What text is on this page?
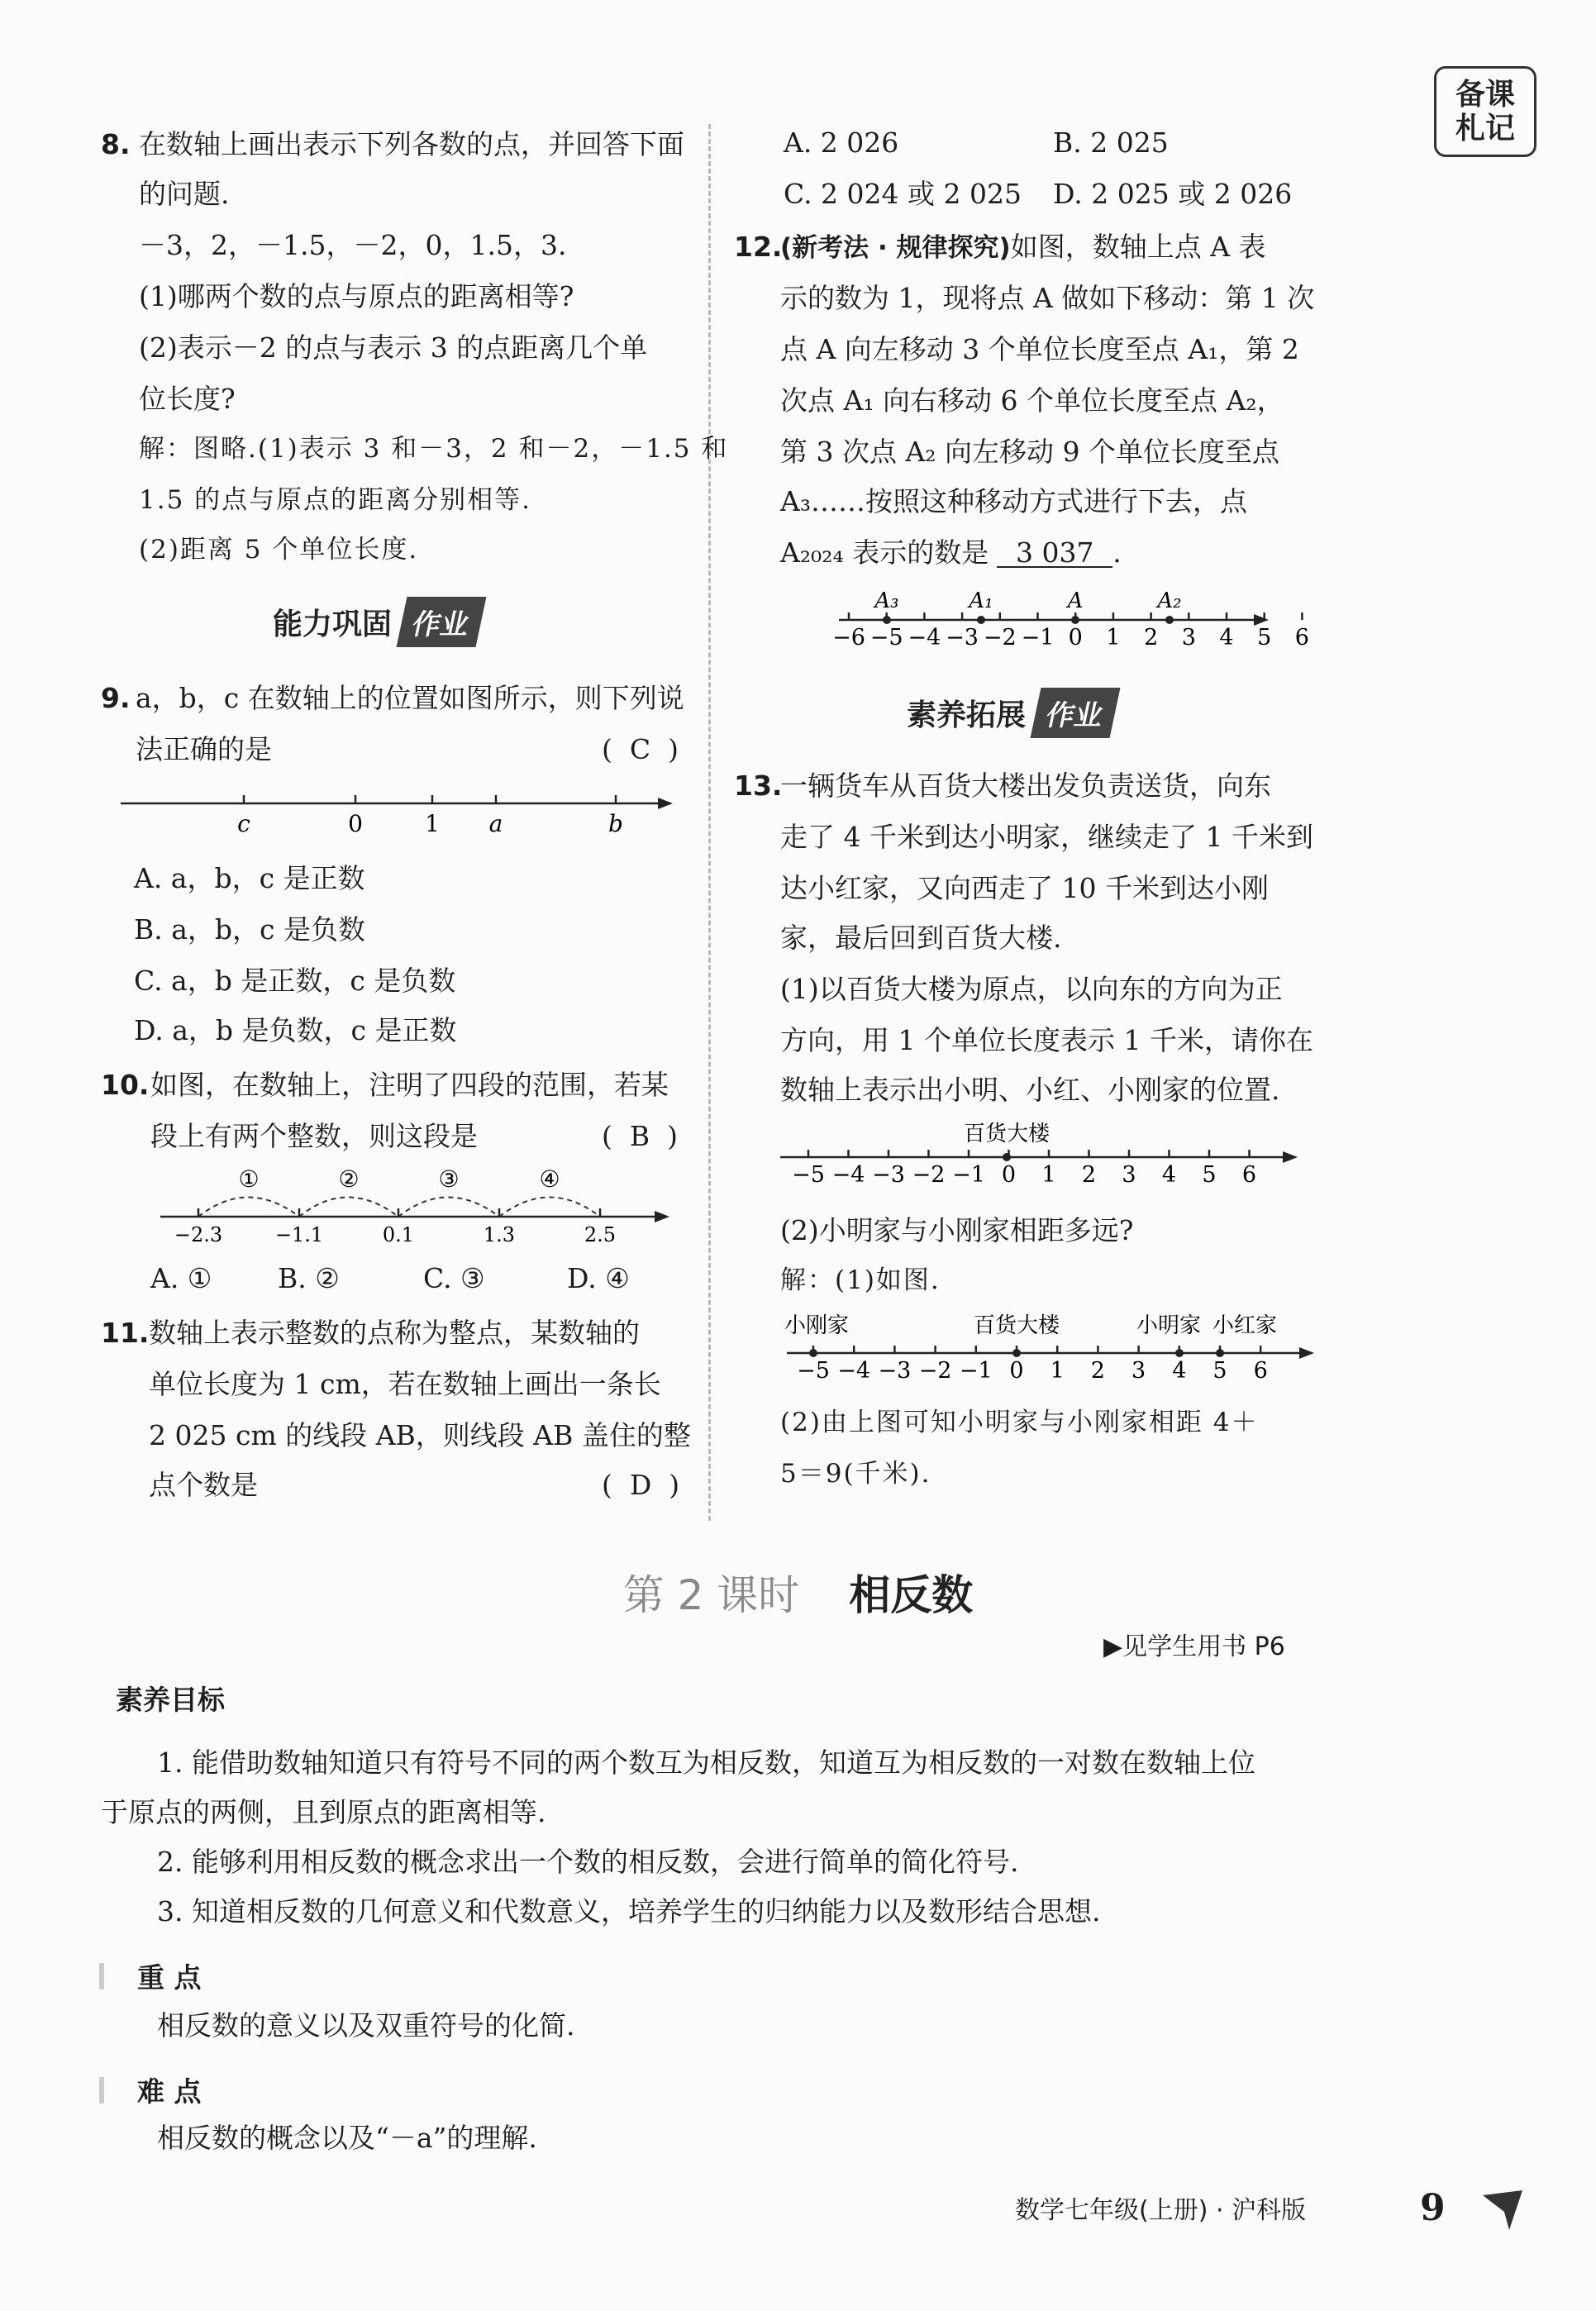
备课
札记
8. 在数轴上画出表示下列各数的点，并回答下面
的问题.
－3，2，－1.5，－2，0，1.5，3.
(1)哪两个数的点与原点的距离相等?
(2)表示－2 的点与表示 3 的点距离几个单
位长度?
解：图略.(1)表示 3 和－3，2 和－2，－1.5 和
1.5 的点与原点的距离分别相等.
(2)距离 5 个单位长度.
能力巩固 作业
9. a，b，c 在数轴上的位置如图所示，则下列说
法正确的是	(  C  )
c	0	1 a	b
A. a，b，c 是正数
B. a，b，c 是负数
C. a，b 是正数，c 是负数
D. a，b 是负数，c 是正数
10. 如图，在数轴上，注明了四段的范围，若某
段上有两个整数，则这段是	(  B  )
①	②	③	④
−2.3	−1.1	0.1	1.3	2.5
A. ① B. ②	C. ③	D. ④
11. 数轴上表示整数的点称为整点，某数轴的
单位长度为 1 cm，若在数轴上画出一条长
2 025 cm 的线段 AB，则线段 AB 盖住的整
点个数是	(  D  )
A. 2 026	B. 2 025
C. 2 024 或 2 025 D. 2 025 或 2 026
12.
(新考法 · 规律探究)如图，数轴上点 A 表
示的数为 1，现将点 A 做如下移动：第 1 次
点 A 向左移动 3 个单位长度至点 A₁，第 2
次点 A₁ 向右移动 6 个单位长度至点 A₂，
第 3 次点 A₂ 向左移动 9 个单位长度至点
A₃……按照这种移动方式进行下去，点
A₂₀₂₄ 表示的数是 3 037 .
A₃	A₁	A	A₂
−6 −5 −4 −3 −2 −1 0 1 2 3 4 5 6
素养拓展 作业
13.
一辆货车从百货大楼出发负责送货，向东
走了 4 千米到达小明家，继续走了 1 千米到
达小红家，又向西走了 10 千米到达小刚
家，最后回到百货大楼.
(1)以百货大楼为原点，以向东的方向为正
方向，用 1 个单位长度表示 1 千米，请你在
数轴上表示出小明、小红、小刚家的位置.
百货大楼
−5 −4 −3 −2 −1 0 1 2 3 4 5 6
(2)小明家与小刚家相距多远?
解：(1)如图.
小刚家	百货大楼	小明家 小红家
−5 −4 −3 −2 −1 0 1 2 3 4 5 6
(2)由上图可知小明家与小刚家相距 4＋
5＝9(千米).
第 2 课时 相反数
▶见学生用书 P6
素养目标
1. 能借助数轴知道只有符号不同的两个数互为相反数，知道互为相反数的一对数在数轴上位
于原点的两侧，且到原点的距离相等.
2. 能够利用相反数的概念求出一个数的相反数，会进行简单的简化符号.
3. 知道相反数的几何意义和代数意义，培养学生的归纳能力以及数形结合思想.
重 点
相反数的意义以及双重符号的化简.
难 点
相反数的概念以及“－a”的理解.
数学七年级(上册) · 沪科版	9
